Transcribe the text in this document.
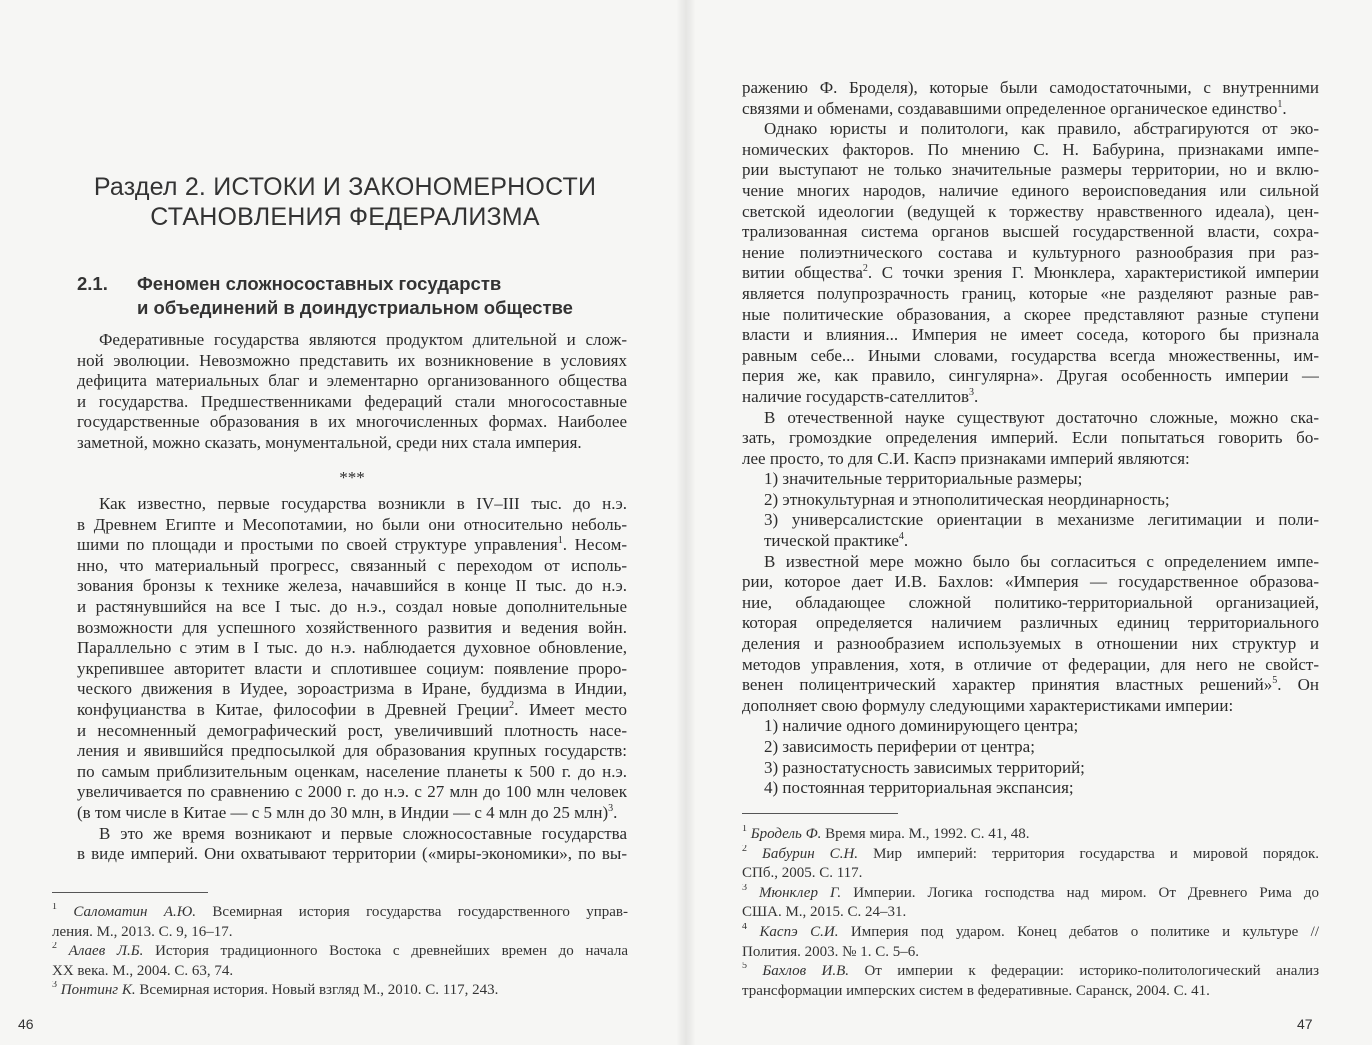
Раздел 2. ИСТОКИ И ЗАКОНОМЕРНОСТИ
СТАНОВЛЕНИЯ ФЕДЕРАЛИЗМА
2.1. Феномен сложносоставных государств
и объединений в доиндустриальном обществе
Федеративные государства являются продуктом длительной и слож-
ной эволюции. Невозможно представить их возникновение в условиях
дефицита материальных благ и элементарно организованного общества
и государства. Предшественниками федераций стали многосоставные
государственные образования в их многочисленных формах. Наиболее
заметной, можно сказать, монументальной, среди них стала империя.
***
Как известно, первые государства возникли в IV–III тыс. до н.э.
в Древнем Египте и Месопотамии, но были они относительно неболь-
шими по площади и простыми по своей структуре управления$^1$. Несом-
нно, что материальный прогресс, связанный с переходом от исполь-
зования бронзы к технике железа, начавшийся в конце II тыс. до н.э.
и растянувшийся на все I тыс. до н.э., создал новые дополнительные
возможности для успешного хозяйственного развития и ведения войн.
Параллельно с этим в I тыс. до н.э. наблюдается духовное обновление,
укрепившее авторитет власти и сплотившее социум: появление проро-
ческого движения в Иудее, зороастризма в Иране, буддизма в Индии,
конфуцианства в Китае, философии в Древней Греции$^2$. Имеет место
и несомненный демографический рост, увеличивший плотность насе-
ления и явившийся предпосылкой для образования крупных государств:
по самым приблизительным оценкам, население планеты к 500 г. до н.э.
увеличивается по сравнению с 2000 г. до н.э. с 27 млн до 100 млн человек
(в том числе в Китае — с 5 млн до 30 млн, в Индии — с 4 млн до 25 млн)$^3$.
В это же время возникают и первые сложносоставные государства
в виде империй. Они охватывают территории («миры-экономики», по вы-
$^1$ Саломатин А.Ю. Всемирная история государства государственного управ-
ления. М., 2013. С. 9, 16–17.
$^2$ Алаев Л.Б. История традиционного Востока с древнейших времен до начала
XX века. М., 2004. С. 63, 74.
$^3$ Понтинг К. Всемирная история. Новый взгляд М., 2010. С. 117, 243.
46
ражению Ф. Броделя), которые были самодостаточными, с внутренними
связями и обменами, создававшими определенное органическое единство$^1$.
Однако юристы и политологи, как правило, абстрагируются от эко-
номических факторов. По мнению С. Н. Бабурина, признаками импе-
рии выступают не только значительные размеры территории, но и вклю-
чение многих народов, наличие единого вероисповедания или сильной
светской идеологии (ведущей к торжеству нравственного идеала), цен-
трализованная система органов высшей государственной власти, сохра-
нение полиэтнического состава и культурного разнообразия при раз-
витии общества$^2$. С точки зрения Г. Мюнклера, характеристикой империи
является полупрозрачность границ, которые «не разделяют разные рав-
ные политические образования, а скорее представляют разные ступени
власти и влияния... Империя не имеет соседа, которого бы признала
равным себе... Иными словами, государства всегда множественны, им-
перия же, как правило, сингулярна». Другая особенность империи —
наличие государств-сателлитов$^3$.
В отечественной науке существуют достаточно сложные, можно ска-
зать, громоздкие определения империй. Если попытаться говорить бо-
лее просто, то для С.И. Каспэ признаками империй являются:
1) значительные территориальные размеры;
2) этнокультурная и этнополитическая неординарность;
3) универсалистские ориентации в механизме легитимации и поли-
тической практике$^4$.
В известной мере можно было бы согласиться с определением импе-
рии, которое дает И.В. Бахлов: «Империя — государственное образова-
ние, обладающее сложной политико-территориальной организацией,
которая определяется наличием различных единиц территориального
деления и разнообразием используемых в отношении них структур и
методов управления, хотя, в отличие от федерации, для него не свойст-
венен полицентрический характер принятия властных решений»$^5$. Он
дополняет свою формулу следующими характеристиками империи:
1) наличие одного доминирующего центра;
2) зависимость периферии от центра;
3) разностатусность зависимых территорий;
4) постоянная территориальная экспансия;
$^1$ Бродель Ф. Время мира. М., 1992. С. 41, 48.
$^2$ Бабурин С.Н. Мир империй: территория государства и мировой порядок.
СПб., 2005. С. 117.
$^3$ Мюнклер Г. Империи. Логика господства над миром. От Древнего Рима до
США. М., 2015. С. 24–31.
$^4$ Каспэ С.И. Империя под ударом. Конец дебатов о политике и культуре //
Полития. 2003. № 1. С. 5–6.
$^5$ Бахлов И.В. От империи к федерации: историко-политологический анализ
трансформации имперских систем в федеративные. Саранск, 2004. С. 41.
47
